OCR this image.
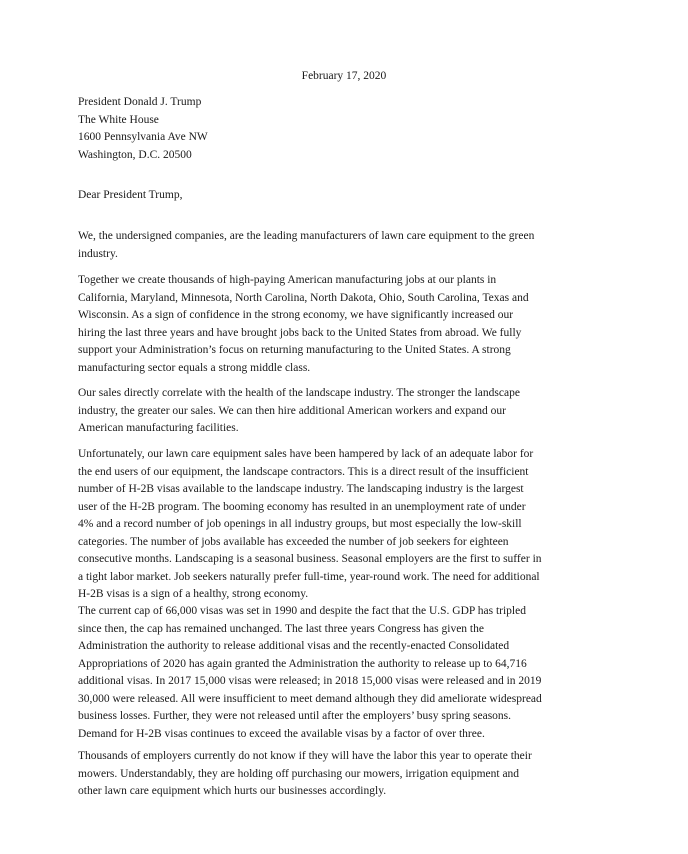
February 17, 2020
President Donald J. Trump
The White House
1600 Pennsylvania Ave NW
Washington, D.C. 20500
Dear President Trump,
We, the undersigned companies, are the leading manufacturers of lawn care equipment to the green
industry.
Together we create thousands of high-paying American manufacturing jobs at our plants in
California, Maryland, Minnesota, North Carolina, North Dakota, Ohio, South Carolina, Texas and
Wisconsin. As a sign of confidence in the strong economy, we have significantly increased our
hiring the last three years and have brought jobs back to the United States from abroad. We fully
support your Administration’s focus on returning manufacturing to the United States. A strong
manufacturing sector equals a strong middle class.
Our sales directly correlate with the health of the landscape industry. The stronger the landscape
industry, the greater our sales. We can then hire additional American workers and expand our
American manufacturing facilities.
Unfortunately, our lawn care equipment sales have been hampered by lack of an adequate labor for
the end users of our equipment, the landscape contractors. This is a direct result of the insufficient
number of H-2B visas available to the landscape industry. The landscaping industry is the largest
user of the H-2B program. The booming economy has resulted in an unemployment rate of under
4% and a record number of job openings in all industry groups, but most especially the low-skill
categories. The number of jobs available has exceeded the number of job seekers for eighteen
consecutive months. Landscaping is a seasonal business. Seasonal employers are the first to suffer in
a tight labor market. Job seekers naturally prefer full-time, year-round work. The need for additional
H-2B visas is a sign of a healthy, strong economy.
The current cap of 66,000 visas was set in 1990 and despite the fact that the U.S. GDP has tripled
since then, the cap has remained unchanged. The last three years Congress has given the
Administration the authority to release additional visas and the recently-enacted Consolidated
Appropriations of 2020 has again granted the Administration the authority to release up to 64,716
additional visas. In 2017 15,000 visas were released; in 2018 15,000 visas were released and in 2019
30,000 were released. All were insufficient to meet demand although they did ameliorate widespread
business losses. Further, they were not released until after the employers’ busy spring seasons.
Demand for H-2B visas continues to exceed the available visas by a factor of over three.
Thousands of employers currently do not know if they will have the labor this year to operate their
mowers. Understandably, they are holding off purchasing our mowers, irrigation equipment and
other lawn care equipment which hurts our businesses accordingly.
